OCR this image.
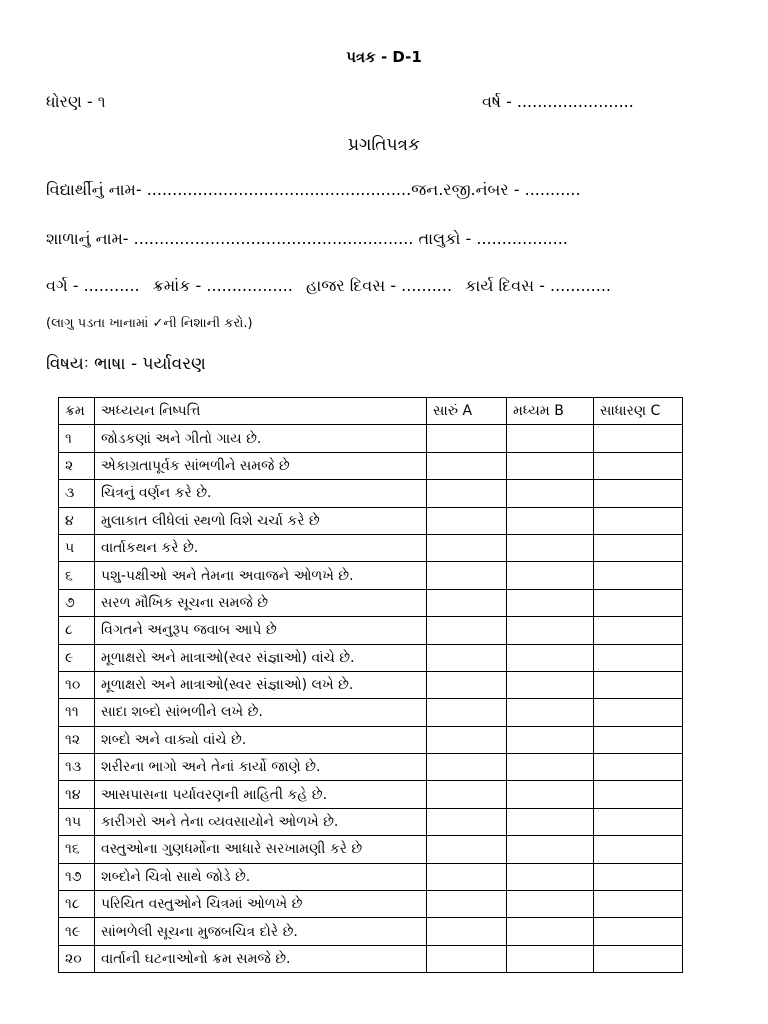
પત્રક - D-1
ધોરણ - ૧	વર્ષ - .......................
પ્રગતિપત્રક
વિદ્યાર્થીનું નામ- ....................................................જન.રજી.નંબર - ...........
શાળાનું નામ- ....................................................... તાલુકો - ..................
વર્ગ - ........... ક્રમાંક - ................. હાજર દિવસ - .......... કાર્ય દિવસ - ............
(લાગુ પડતા ખાનામાં ✓ની નિશાની કરો.)
વિષયઃ ભાષા - પર્યાવરણ
ક્રમ	અધ્યયન નિષ્પત્તિ	સારું A	મધ્યમ B	સાધારણ C
૧	જોડકણાં અને ગીતો ગાય છે.			
૨	એકાગ્રતાપૂર્વક સાંભળીને સમજે છે			
૩	ચિત્રનું વર્ણન કરે છે.			
૪	મુલાકાત લીધેલાં સ્થળો વિશે ચર્ચા કરે છે			
૫	વાર્તાકથન કરે છે.			
૬	પશુ-પક્ષીઓ અને તેમના અવાજને ઓળખે છે.			
૭	સરળ મૌખિક સૂચના સમજે છે			
૮	વિગતને અનુરૂપ જવાબ આપે છે			
૯	મૂળાક્ષરો અને માત્રાઓ(સ્વર સંજ્ઞાઓ) વાંચે છે.			
૧૦	મૂળાક્ષરો અને માત્રાઓ(સ્વર સંજ્ઞાઓ) લખે છે.			
૧૧	સાદા શબ્દો સાંભળીને લખે છે.			
૧૨	શબ્દો અને વાક્યો વાંચે છે.			
૧૩	શરીરના ભાગો અને તેનાં કાર્યો જાણે છે.			
૧૪	આસપાસના પર્યાવરણની માહિતી કહે છે.			
૧૫	કારીગરો અને તેના વ્યવસાયોને ઓળખે છે.			
૧૬	વસ્તુઓના ગુણધર્મોના આધારે સરખામણી કરે છે			
૧૭	શબ્દોને ચિત્રો સાથે જોડે છે.			
૧૮	પરિચિત વસ્તુઓને ચિત્રમાં ઓળખે છે			
૧૯	સાંભળેલી સૂચના મુજબચિત્ર દોરે છે.			
૨૦	વાર્તાની ઘટનાઓનો ક્રમ સમજે છે.			
